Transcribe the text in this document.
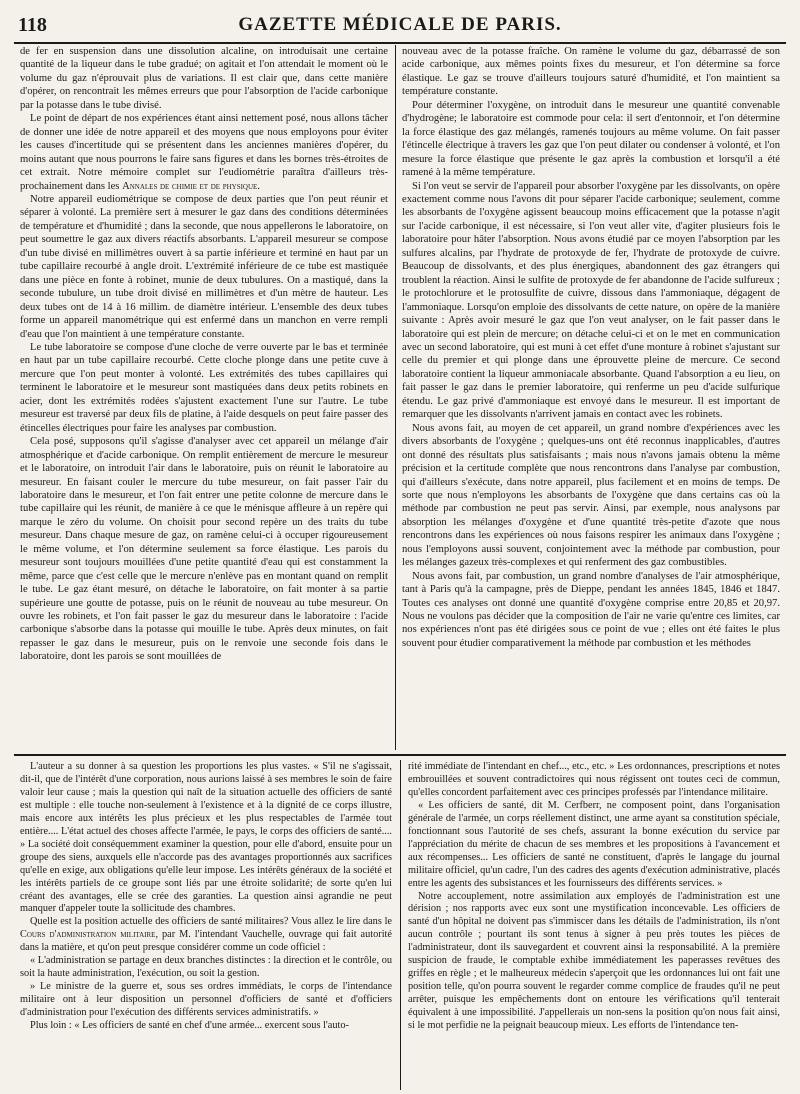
118	GAZETTE MÉDICALE DE PARIS.

de fer en suspension dans une dissolution alcaline, on introduisait une certaine quantité de la liqueur dans le tube gradué; on agitait et l'on attendait le moment où le volume du gaz n'éprouvait plus de variations. Il est clair que, dans cette manière d'opérer, on rencontrait les mêmes erreurs que pour l'absorption de l'acide carbonique par la potasse dans le tube divisé.

Le point de départ de nos expériences étant ainsi nettement posé, nous allons tâcher de donner une idée de notre appareil et des moyens que nous employons pour éviter les causes d'incertitude qui se présentent dans les anciennes manières d'opérer, du moins autant que nous pourrons le faire sans figures et dans les bornes très-étroites de cet extrait. Notre mémoire complet sur l'eudiométrie paraîtra d'ailleurs très-prochainement dans les Annales de chimie et de physique.

Notre appareil eudiométrique se compose de deux parties que l'on peut réunir et séparer à volonté. La première sert à mesurer le gaz dans des conditions déterminées de température et d'humidité ; dans la seconde, que nous appellerons le laboratoire, on peut soumettre le gaz aux divers réactifs absorbants. L'appareil mesureur se compose d'un tube divisé en millimètres ouvert à sa partie inférieure et terminé en haut par un tube capillaire recourbé à angle droit. L'extrémité inférieure de ce tube est mastiquée dans une pièce en fonte à robinet, munie de deux tubulures. On a mastiqué, dans la seconde tubulure, un tube droit divisé en millimètres et d'un mètre de hauteur. Les deux tubes ont de 14 à 16 millim. de diamètre intérieur. L'ensemble des deux tubes forme un appareil manométrique qui est enfermé dans un manchon en verre rempli d'eau que l'on maintient à une température constante.

Le tube laboratoire se compose d'une cloche de verre ouverte par le bas et terminée en haut par un tube capillaire recourbé. Cette cloche plonge dans une petite cuve à mercure que l'on peut monter à volonté. Les extrémités des tubes capillaires qui terminent le laboratoire et le mesureur sont mastiquées dans deux petits robinets en acier, dont les extrémités rodées s'ajustent exactement l'une sur l'autre. Le tube mesureur est traversé par deux fils de platine, à l'aide desquels on peut faire passer des étincelles électriques pour faire les analyses par combustion.

Cela posé, supposons qu'il s'agisse d'analyser avec cet appareil un mélange d'air atmosphérique et d'acide carbonique. On remplit entièrement de mercure le mesureur et le laboratoire, on introduit l'air dans le laboratoire, puis on réunit le laboratoire au mesureur. En faisant couler le mercure du tube mesureur, on fait passer l'air du laboratoire dans le mesureur, et l'on fait entrer une petite colonne de mercure dans le tube capillaire qui les réunit, de manière à ce que le ménisque affleure à un repère qui marque le zéro du volume. On choisit pour second repère un des traits du tube mesureur. Dans chaque mesure de gaz, on ramène celui-ci à occuper rigoureusement le même volume, et l'on détermine seulement sa force élastique. Les parois du mesureur sont toujours mouillées d'une petite quantité d'eau qui est constamment la même, parce que c'est celle que le mercure n'enlève pas en montant quand on remplit le tube. Le gaz étant mesuré, on détache le laboratoire, on fait monter à sa partie supérieure une goutte de potasse, puis on le réunit de nouveau au tube mesureur. On ouvre les robinets, et l'on fait passer le gaz du mesureur dans le laboratoire : l'acide carbonique s'absorbe dans la potasse qui mouille le tube. Après deux minutes, on fait repasser le gaz dans le mesureur, puis on le renvoie une seconde fois dans le laboratoire, dont les parois se sont mouillées de

nouveau avec de la potasse fraîche. On ramène le volume du gaz, débarrassé de son acide carbonique, aux mêmes points fixes du mesureur, et l'on détermine sa force élastique. Le gaz se trouve d'ailleurs toujours saturé d'humidité, et l'on maintient sa température constante.

Pour déterminer l'oxygène, on introduit dans le mesureur une quantité convenable d'hydrogène; le laboratoire est commode pour cela: il sert d'entonnoir, et l'on détermine la force élastique des gaz mélangés, ramenés toujours au même volume. On fait passer l'étincelle électrique à travers les gaz que l'on peut dilater ou condenser à volonté, et l'on mesure la force élastique que présente le gaz après la combustion et lorsqu'il a été ramené à la même température.

Si l'on veut se servir de l'appareil pour absorber l'oxygène par les dissolvants, on opère exactement comme nous l'avons dit pour séparer l'acide carbonique; seulement, comme les absorbants de l'oxygène agissent beaucoup moins efficacement que la potasse n'agit sur l'acide carbonique, il est nécessaire, si l'on veut aller vite, d'agiter plusieurs fois le laboratoire pour hâter l'absorption. Nous avons étudié par ce moyen l'absorption par les sulfures alcalins, par l'hydrate de protoxyde de fer, l'hydrate de protoxyde de cuivre. Beaucoup de dissolvants, et des plus énergiques, abandonnent des gaz étrangers qui troublent la réaction. Ainsi le sulfite de protoxyde de fer abandonne de l'acide sulfureux ; le protochlorure et le protosulfite de cuivre, dissous dans l'ammoniaque, dégagent de l'ammoniaque. Lorsqu'on emploie des dissolvants de cette nature, on opère de la manière suivante : Après avoir mesuré le gaz que l'on veut analyser, on le fait passer dans le laboratoire qui est plein de mercure; on détache celui-ci et on le met en communication avec un second laboratoire, qui est muni à cet effet d'une monture à robinet s'ajustant sur celle du premier et qui plonge dans une éprouvette pleine de mercure. Ce second laboratoire contient la liqueur ammoniacale absorbante. Quand l'absorption a eu lieu, on fait passer le gaz dans le premier laboratoire, qui renferme un peu d'acide sulfurique étendu. Le gaz privé d'ammoniaque est envoyé dans le mesureur. Il est important de remarquer que les dissolvants n'arrivent jamais en contact avec les robinets.

Nous avons fait, au moyen de cet appareil, un grand nombre d'expériences avec les divers absorbants de l'oxygène ; quelques-uns ont été reconnus inapplicables, d'autres ont donné des résultats plus satisfaisants ; mais nous n'avons jamais obtenu la même précision et la certitude complète que nous rencontrons dans l'analyse par combustion, qui d'ailleurs s'exécute, dans notre appareil, plus facilement et en moins de temps. De sorte que nous n'employons les absorbants de l'oxygène que dans certains cas où la méthode par combustion ne peut pas servir. Ainsi, par exemple, nous analysons par absorption les mélanges d'oxygène et d'une quantité très-petite d'azote que nous rencontrons dans les expériences où nous faisons respirer les animaux dans l'oxygène ; nous l'employons aussi souvent, conjointement avec la méthode par combustion, pour les mélanges gazeux très-complexes et qui renferment des gaz combustibles.

Nous avons fait, par combustion, un grand nombre d'analyses de l'air atmosphérique, tant à Paris qu'à la campagne, près de Dieppe, pendant les années 1845, 1846 et 1847. Toutes ces analyses ont donné une quantité d'oxygène comprise entre 20,85 et 20,97. Nous ne voulons pas décider que la composition de l'air ne varie qu'entre ces limites, car nos expériences n'ont pas été dirigées sous ce point de vue ; elles ont été faites le plus souvent pour étudier comparativement la méthode par combustion et les méthodes

L'auteur a su donner à sa question les proportions les plus vastes. « S'il ne s'agissait, dit-il, que de l'intérêt d'une corporation, nous aurions laissé à ses membres le soin de faire valoir leur cause ; mais la question qui naît de la situation actuelle des officiers de santé est multiple : elle touche non-seulement à l'existence et à la dignité de ce corps illustre, mais encore aux intérêts les plus précieux et les plus respectables de l'armée tout entière.... L'état actuel des choses affecte l'armée, le pays, le corps des officiers de santé.... » La société doit conséquemment examiner la question, pour elle d'abord, ensuite pour un groupe des siens, auxquels elle n'accorde pas des avantages proportionnés aux sacrifices qu'elle en exige, aux obligations qu'elle leur impose. Les intérêts généraux de la société et les intérêts partiels de ce groupe sont liés par une étroite solidarité; de sorte qu'en lui créant des avantages, elle se crée des garanties. La question ainsi agrandie ne peut manquer d'appeler toute la sollicitude des chambres.

Quelle est la position actuelle des officiers de santé militaires? Vous allez le lire dans le Cours d'administration militaire, par M. l'intendant Vauchelle, ouvrage qui fait autorité dans la matière, et qu'on peut presque considérer comme un code officiel :

« L'administration se partage en deux branches distinctes : la direction et le contrôle, ou soit la haute administration, l'exécution, ou soit la gestion.

» Le ministre de la guerre et, sous ses ordres immédiats, le corps de l'intendance militaire ont à leur disposition un personnel d'officiers de santé et d'officiers d'administration pour l'exécution des différents services administratifs. »

Plus loin : « Les officiers de santé en chef d'une armée... exercent sous l'auto-

rité immédiate de l'intendant en chef..., etc., etc. » Les ordonnances, prescriptions et notes embrouillées et souvent contradictoires qui nous régissent ont toutes ceci de commun, qu'elles concordent parfaitement avec ces principes professés par l'intendance militaire.

« Les officiers de santé, dit M. Cerfberr, ne composent point, dans l'organisation générale de l'armée, un corps réellement distinct, une arme ayant sa constitution spéciale, fonctionnant sous l'autorité de ses chefs, assurant la bonne exécution du service par l'appréciation du mérite de chacun de ses membres et les propositions à l'avancement et aux récompenses... Les officiers de santé ne constituent, d'après le langage du journal militaire officiel, qu'un cadre, l'un des cadres des agents d'exécution administrative, placés entre les agents des subsistances et les fournisseurs des différents services. »

Notre accouplement, notre assimilation aux employés de l'administration est une dérision ; nos rapports avec eux sont une mystification inconcevable. Les officiers de santé d'un hôpital ne doivent pas s'immiscer dans les détails de l'administration, ils n'ont aucun contrôle ; pourtant ils sont tenus à signer à peu près toutes les pièces de l'administrateur, dont ils sauvegardent et couvrent ainsi la responsabilité. A la première suspicion de fraude, le comptable exhibe immédiatement les paperasses revêtues des griffes en règle ; et le malheureux médecin s'aperçoit que les ordonnances lui ont fait une position telle, qu'on pourra souvent le regarder comme complice de fraudes qu'il ne peut arrêter, puisque les empêchements dont on entoure les vérifications qu'il tenterait équivalent à une impossibilité. J'appellerais un non-sens la position qu'on nous fait ainsi, si le mot perfidie ne la peignait beaucoup mieux. Les efforts de l'intendance ten-
